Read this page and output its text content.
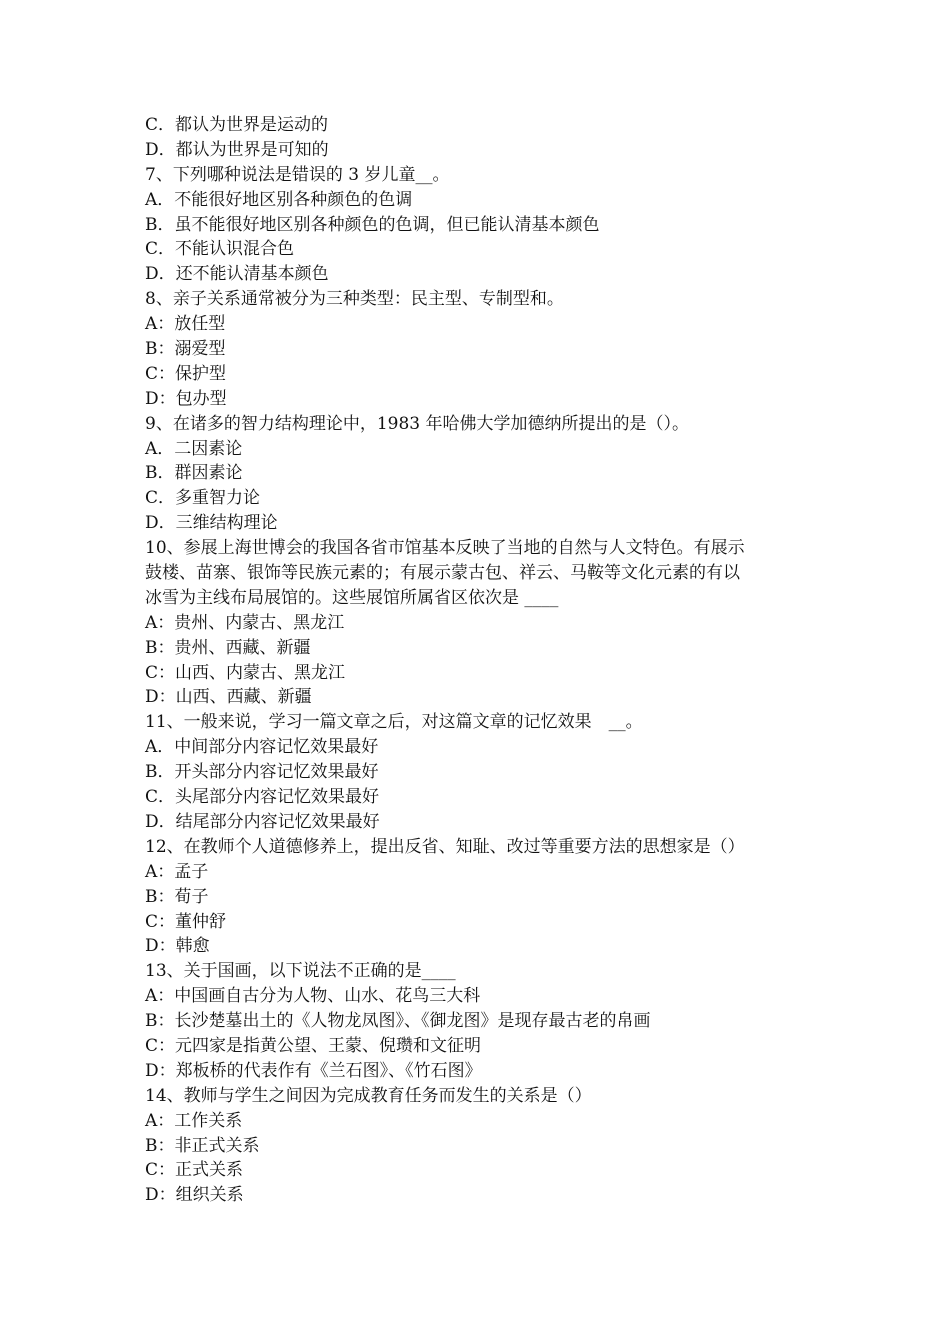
C．都认为世界是运动的
D．都认为世界是可知的
7、下列哪种说法是错误的 3 岁儿童__。
A．不能很好地区别各种颜色的色调
B．虽不能很好地区别各种颜色的色调，但已能认清基本颜色
C．不能认识混合色
D．还不能认清基本颜色
8、亲子关系通常被分为三种类型：民主型、专制型和。
A：放任型
B：溺爱型
C：保护型
D：包办型
9、在诸多的智力结构理论中，1983 年哈佛大学加德纳所提出的是（）。
A．二因素论
B．群因素论
C．多重智力论
D．三维结构理论
10、参展上海世博会的我国各省市馆基本反映了当地的自然与人文特色。有展示
鼓楼、苗寨、银饰等民族元素的；有展示蒙古包、祥云、马鞍等文化元素的有以
冰雪为主线布局展馆的。这些展馆所属省区依次是 ____
A：贵州、内蒙古、黑龙江
B：贵州、西藏、新疆
C：山西、内蒙古、黑龙江
D：山西、西藏、新疆
11、一般来说，学习一篇文章之后，对这篇文章的记忆效果　__。
A．中间部分内容记忆效果最好
B．开头部分内容记忆效果最好
C．头尾部分内容记忆效果最好
D．结尾部分内容记忆效果最好
12、在教师个人道德修养上，提出反省、知耻、改过等重要方法的思想家是（）
A：孟子
B：荀子
C：董仲舒
D：韩愈
13、关于国画，以下说法不正确的是____
A：中国画自古分为人物、山水、花鸟三大科
B：长沙楚墓出土的《人物龙凤图》、《御龙图》是现存最古老的帛画
C：元四家是指黄公望、王蒙、倪瓒和文征明
D：郑板桥的代表作有《兰石图》、《竹石图》
14、教师与学生之间因为完成教育任务而发生的关系是（）
A：工作关系
B：非正式关系
C：正式关系
D：组织关系
